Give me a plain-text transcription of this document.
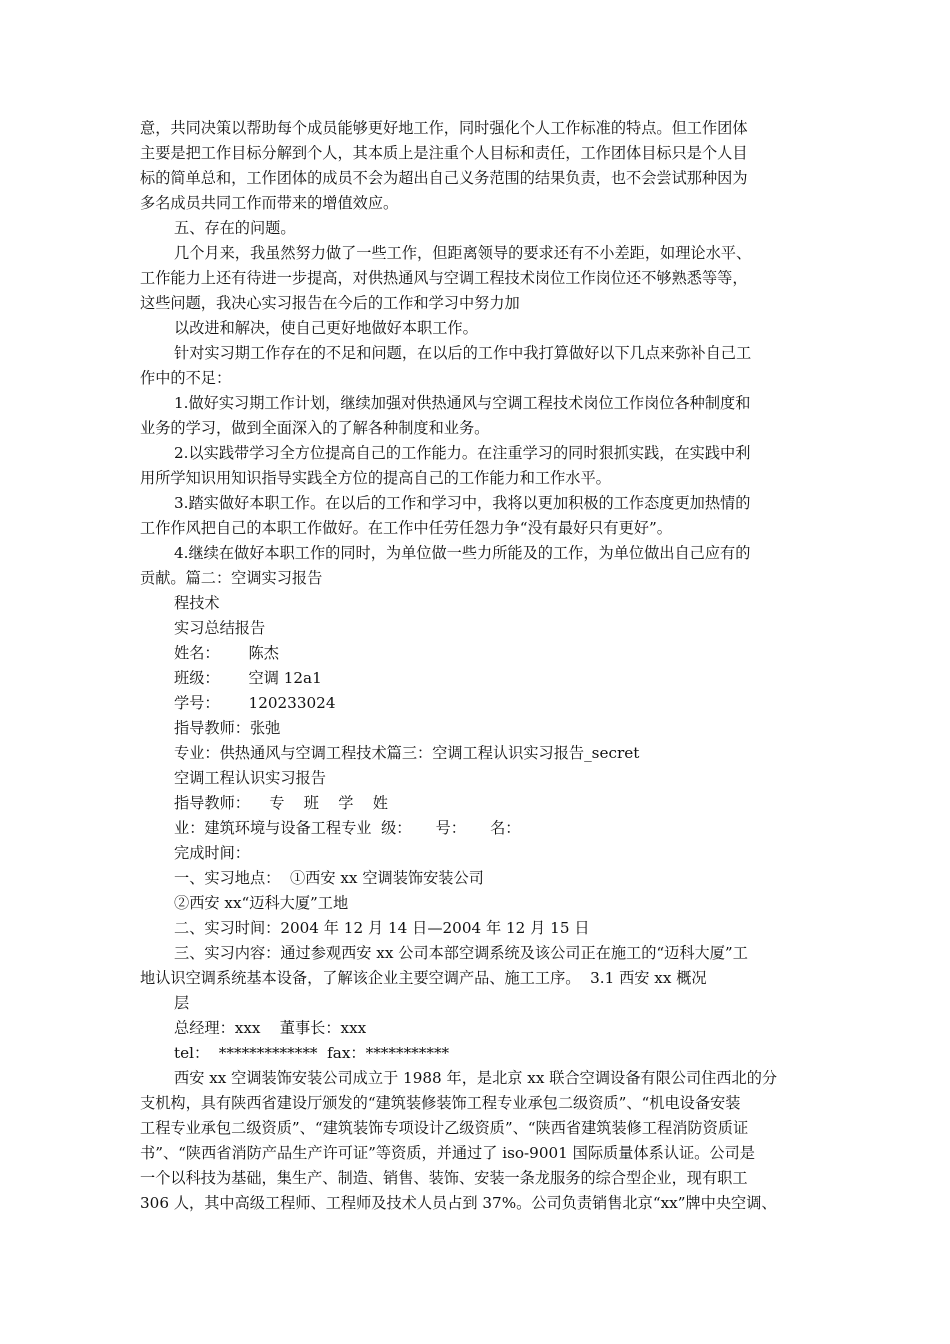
意，共同决策以帮助每个成员能够更好地工作，同时强化个人工作标准的特点。但工作团体

主要是把工作目标分解到个人，其本质上是注重个人目标和责任，工作团体目标只是个人目

标的简单总和，工作团体的成员不会为超出自己义务范围的结果负责，也不会尝试那种因为

多名成员共同工作而带来的增值效应。

五、存在的问题。

几个月来，我虽然努力做了一些工作，但距离领导的要求还有不小差距，如理论水平、

工作能力上还有待进一步提高，对供热通风与空调工程技术岗位工作岗位还不够熟悉等等，

这些问题，我决心实习报告在今后的工作和学习中努力加

以改进和解决，使自己更好地做好本职工作。

针对实习期工作存在的不足和问题，在以后的工作中我打算做好以下几点来弥补自己工

作中的不足：

1.做好实习期工作计划，继续加强对供热通风与空调工程技术岗位工作岗位各种制度和

业务的学习，做到全面深入的了解各种制度和业务。

2.以实践带学习全方位提高自己的工作能力。在注重学习的同时狠抓实践，在实践中利

用所学知识用知识指导实践全方位的提高自己的工作能力和工作水平。

3.踏实做好本职工作。在以后的工作和学习中，我将以更加积极的工作态度更加热情的

工作作风把自己的本职工作做好。在工作中任劳任怨力争“没有最好只有更好”。

4.继续在做好本职工作的同时，为单位做一些力所能及的工作，为单位做出自己应有的

贡献。篇二：空调实习报告

程技术

实习总结报告

姓名：      陈杰

班级：      空调 12a1

学号：      120233024

指导教师：张弛

专业：供热通风与空调工程技术篇三：空调工程认识实习报告_secret

空调工程认识实习报告

指导教师：    专    班    学    姓

业：建筑环境与设备工程专业  级：     号：     名：

完成时间：

一、实习地点：  ①西安 xx 空调装饰安装公司

②西安 xx“迈科大厦”工地

二、实习时间：2004 年 12 月 14 日—2004 年 12 月 15 日

三、实习内容：通过参观西安 xx 公司本部空调系统及该公司正在施工的“迈科大厦”工

地认识空调系统基本设备，了解该企业主要空调产品、施工工序。  3.1 西安 xx 概况

层

总经理：xxx    董事长：xxx

tel：  *************  fax：***********

西安 xx 空调装饰安装公司成立于 1988 年，是北京 xx 联合空调设备有限公司住西北的分

支机构，具有陕西省建设厅颁发的“建筑装修装饰工程专业承包二级资质”、“机电设备安装

工程专业承包二级资质”、“建筑装饰专项设计乙级资质”、“陕西省建筑装修工程消防资质证

书”、“陕西省消防产品生产许可证”等资质，并通过了 iso-9001 国际质量体系认证。公司是

一个以科技为基础，集生产、制造、销售、装饰、安装一条龙服务的综合型企业，现有职工

306 人，其中高级工程师、工程师及技术人员占到 37%。公司负责销售北京“xx”牌中央空调、
